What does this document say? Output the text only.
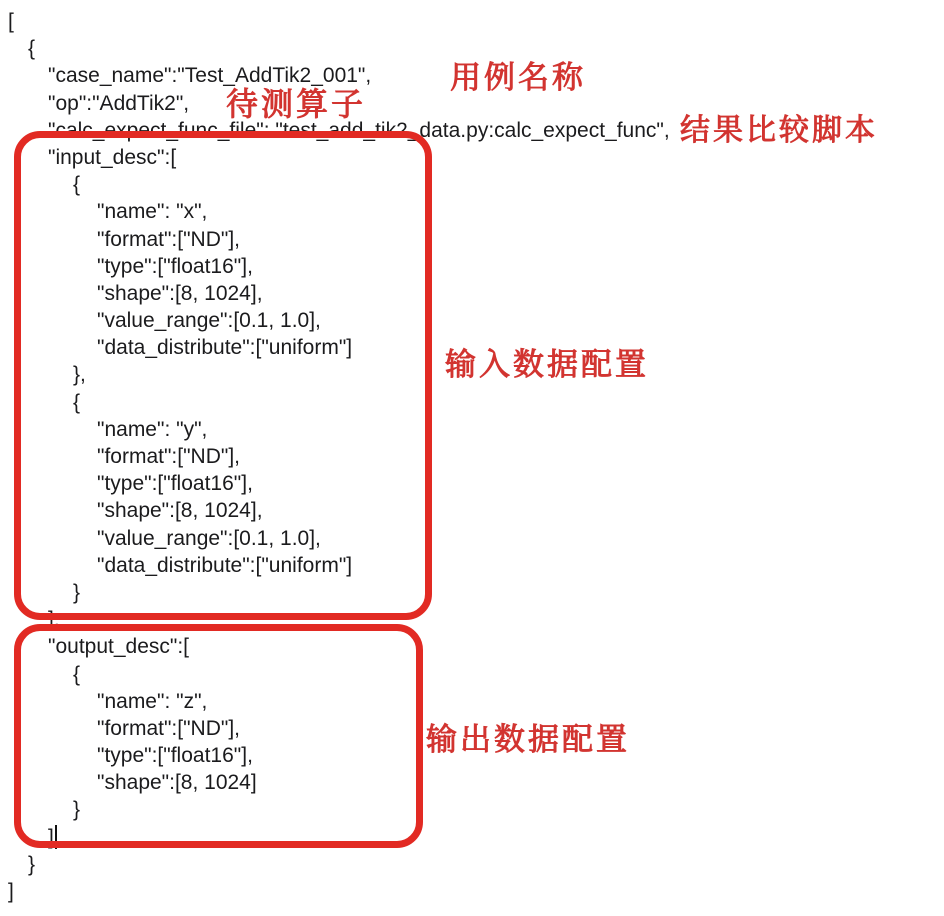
[
{
"case_name":"Test_AddTik2_001",
"op":"AddTik2",
"calc_expect_func_file": "test_add_tik2_data.py:calc_expect_func",
"input_desc":[
{
"name": "x",
"format":["ND"],
"type":["float16"],
"shape":[8, 1024],
"value_range":[0.1, 1.0],
"data_distribute":["uniform"]
},
{
"name": "y",
"format":["ND"],
"type":["float16"],
"shape":[8, 1024],
"value_range":[0.1, 1.0],
"data_distribute":["uniform"]
}
],
"output_desc":[
{
"name": "z",
"format":["ND"],
"type":["float16"],
"shape":[8, 1024]
}
]
}
]
用例名称
待测算子
结果比较脚本
输入数据配置
输出数据配置
